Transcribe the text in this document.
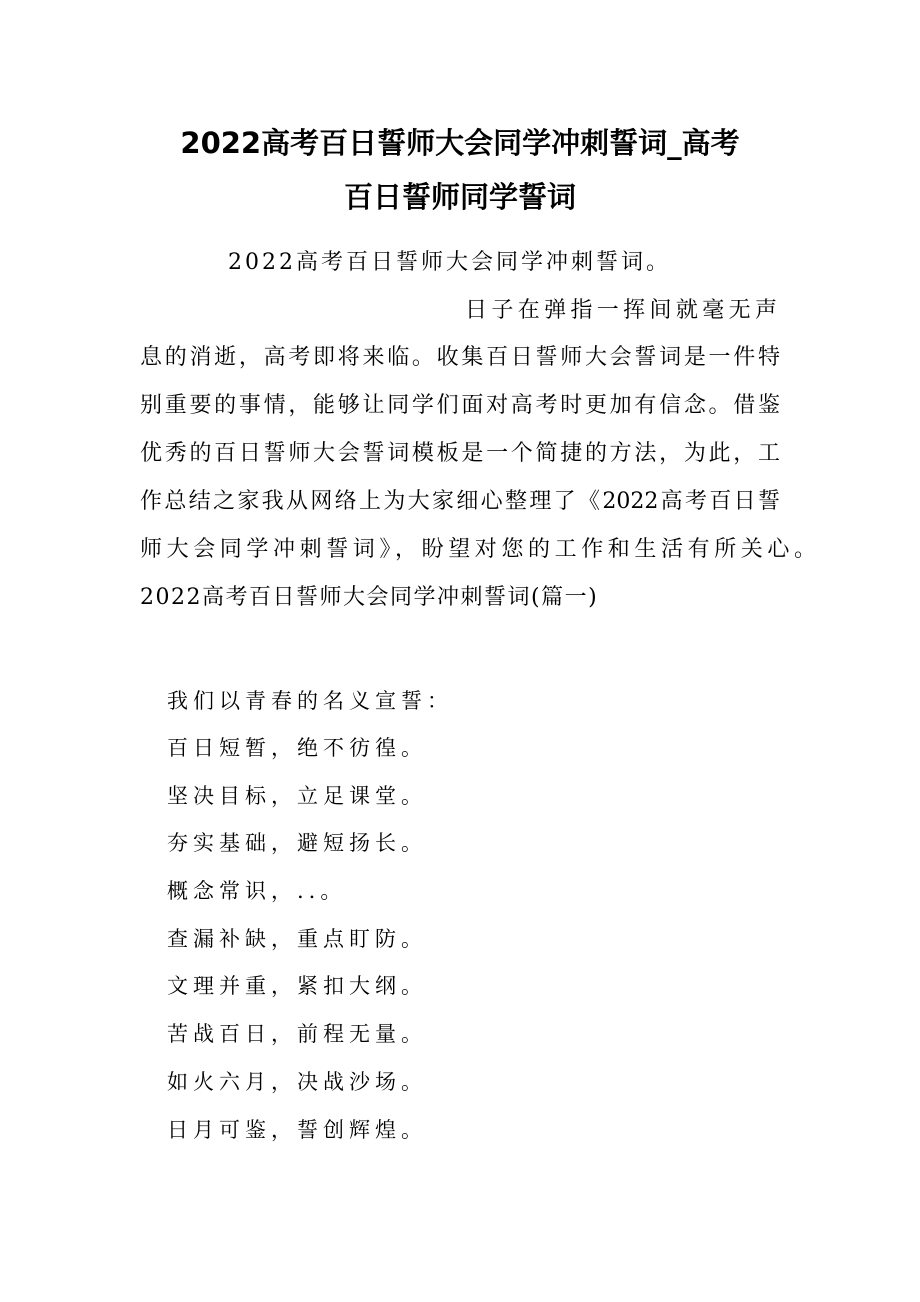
2022高考百日誓师大会同学冲刺誓词_高考
百日誓师同学誓词
2022高考百日誓师大会同学冲刺誓词。
日子在弹指一挥间就毫无声
息的消逝，高考即将来临。收集百日誓师大会誓词是一件特
别重要的事情，能够让同学们面对高考时更加有信念。借鉴
优秀的百日誓师大会誓词模板是一个简捷的方法，为此，工
作总结之家我从网络上为大家细心整理了《2022高考百日誓
师大会同学冲刺誓词》，盼望对您的工作和生活有所关心。
2022高考百日誓师大会同学冲刺誓词(篇一)
我们以青春的名义宣誓：
百日短暂，绝不彷徨。
坚决目标，立足课堂。
夯实基础，避短扬长。
概念常识，..。
查漏补缺，重点盯防。
文理并重，紧扣大纲。
苦战百日，前程无量。
如火六月，决战沙场。
日月可鉴，誓创辉煌。
